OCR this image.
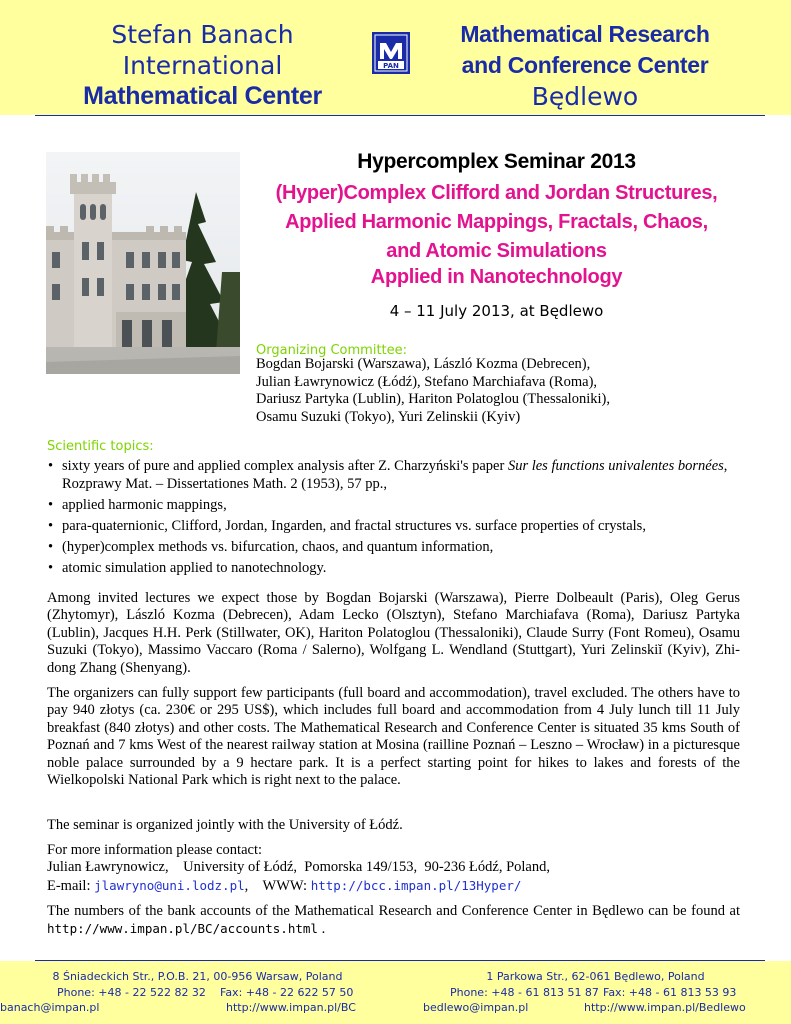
Stefan Banach
International
Mathematical Center
PAN
Mathematical Research
and Conference Center
Będlewo
Hypercomplex Seminar 2013
(Hyper)Complex Clifford and Jordan Structures,
Applied Harmonic Mappings, Fractals, Chaos,
and Atomic Simulations
Applied in Nanotechnology
4 – 11 July 2013, at Będlewo
Organizing Committee:
Bogdan Bojarski (Warszawa), László Kozma (Debrecen),
Julian Ławrynowicz (Łódź), Stefano Marchiafava (Roma),
Dariusz Partyka (Lublin), Hariton Polatoglou (Thessaloniki),
Osamu Suzuki (Tokyo), Yuri Zelinskii (Kyiv)
Scientific topics:
• sixty years of pure and applied complex analysis after Z. Charzyński's paper Sur les functions univalentes bornées, Rozprawy Mat. – Dissertationes Math. 2 (1953), 57 pp.,
• applied harmonic mappings,
• para-quaternionic, Clifford, Jordan, Ingarden, and fractal structures vs. surface properties of crystals,
• (hyper)complex methods vs. bifurcation, chaos, and quantum information,
• atomic simulation applied to nanotechnology.

Among invited lectures we expect those by Bogdan Bojarski (Warszawa), Pierre Dolbeault (Paris), Oleg Gerus (Zhytomyr), László Kozma (Debrecen), Adam Lecko (Olsztyn), Stefano Marchiafava (Roma), Dariusz Partyka (Lublin), Jacques H.H. Perk (Stillwater, OK), Hariton Polatoglou (Thessaloniki), Claude Surry (Font Romeu), Osamu Suzuki (Tokyo), Massimo Vaccaro (Roma / Salerno), Wolfgang L. Wendland (Stuttgart), Yuri Zelinskiĭ (Kyiv), Zhi-dong Zhang (Shenyang).

The organizers can fully support few participants (full board and accommodation), travel excluded. The others have to pay 940 złotys (ca. 230€ or 295 US$), which includes full board and accommodation from 4 July lunch till 11 July breakfast (840 złotys) and other costs. The Mathematical Research and Conference Center is situated 35 kms South of Poznań and 7 kms West of the nearest railway station at Mosina (railline Poznań – Leszno – Wrocław) in a picturesque noble palace surrounded by a 9 hectare park. It is a perfect starting point for hikes to lakes and forests of the Wielkopolski National Park which is right next to the palace.

The seminar is organized jointly with the University of Łódź.

For more information please contact:
Julian Ławrynowicz,    University of Łódź,  Pomorska 149/153,  90-236 Łódź, Poland,
E-mail: jlawryno@uni.lodz.pl,    WWW: http://bcc.impan.pl/13Hyper/

The numbers of the bank accounts of the Mathematical Research and Conference Center in Będlewo can be found at http://www.impan.pl/BC/accounts.html .

8 Śniadeckich Str., P.O.B. 21, 00-956 Warsaw, Poland
Phone: +48 - 22 522 82 32 Fax: +48 - 22 622 57 50
banach@impan.pl	http://www.impan.pl/BC
1 Parkowa Str., 62-061 Będlewo, Poland
Phone: +48 - 61 813 51 87 Fax: +48 - 61 813 53 93
bedlewo@impan.pl	http://www.impan.pl/Bedlewo
